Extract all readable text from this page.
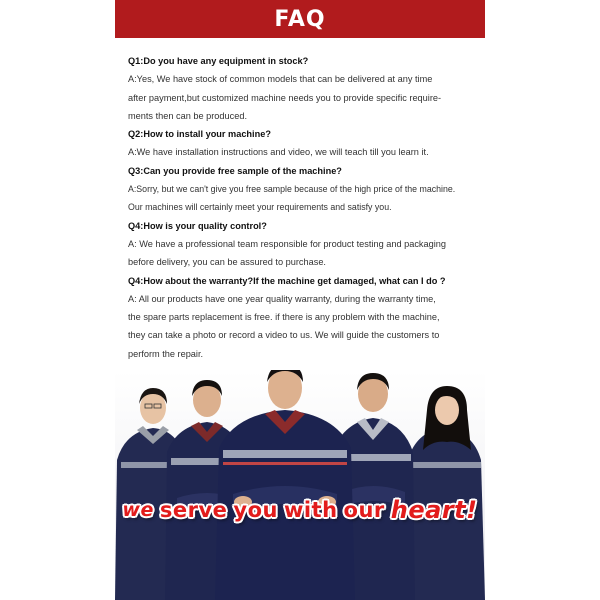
FAQ
Q1:Do you have any equipment in stock?
A:Yes, We have stock of common models that can be delivered at any time
after payment,but customized machine needs you to provide specific require-
ments then can be produced.
Q2:How to install your machine?
A:We have installation instructions and video, we will teach till you learn it.
Q3:Can you provide free sample of the machine?
A:Sorry, but we can't give you free sample because of the high price of the machine.
Our machines will certainly meet your requirements and satisfy you.
Q4:How is your quality control?
A: We have a professional team responsible for product testing and packaging
before delivery, you can be assured to purchase.
Q4:How about the warranty?If the machine get damaged, what can I do ?
A: All our products have one year quality warranty, during the warranty time,
the spare parts replacement is free. if there is any problem with the machine,
they can take a photo or record a video to us. We will guide the customers to
perform the repair.
we serve you with our heart!
